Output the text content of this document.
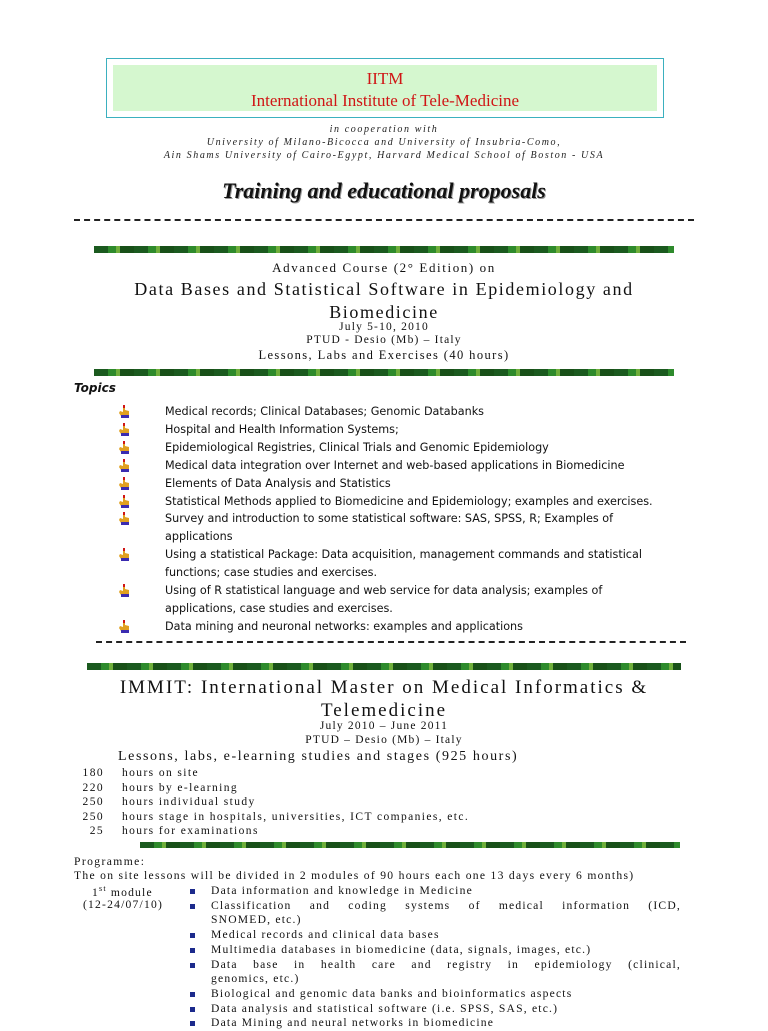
IITM
International Institute of Tele-Medicine
in cooperation with
University of Milano-Bicocca and University of Insubria-Como,
Ain Shams University of Cairo-Egypt, Harvard Medical School of Boston - USA
Training and educational proposals
Advanced Course (2° Edition) on
Data Bases and Statistical Software in Epidemiology and
Biomedicine
July 5-10, 2010
PTUD - Desio (Mb) – Italy
Lessons, Labs and Exercises (40 hours)
Topics
Medical records; Clinical Databases; Genomic Databanks
Hospital and Health Information Systems;
Epidemiological Registries, Clinical Trials and Genomic Epidemiology
Medical data integration over Internet and web-based applications in Biomedicine
Elements of Data Analysis and Statistics
Statistical Methods applied to Biomedicine and Epidemiology; examples and exercises.
Survey and introduction to some statistical software: SAS, SPSS, R; Examples of
applications
Using a statistical Package: Data acquisition, management commands and statistical
functions; case studies and exercises.
Using of R statistical language and web service for data analysis; examples of
applications, case studies and exercises.
Data mining and neuronal networks: examples and applications
IMMIT: International Master on Medical Informatics &
Telemedicine
July 2010 – June 2011
PTUD – Desio (Mb) – Italy
Lessons, labs, e-learning studies and stages (925 hours)
180 hours on site
220 hours by e-learning
250 hours individual study
250 hours stage in hospitals, universities, ICT companies, etc.
25 hours for examinations
Programme:
The on site lessons will be divided in 2 modules of 90 hours each one 13 days every 6 months)
1st module
(12-24/07/10)
Data information and knowledge in Medicine
Classification and coding systems of medical information (ICD,
SNOMED, etc.)
Medical records and clinical data bases
Multimedia databases in biomedicine (data, signals, images, etc.)
Data base in health care and registry in epidemiology (clinical,
genomics, etc.)
Biological and genomic data banks and bioinformatics aspects
Data analysis and statistical software (i.e. SPSS, SAS, etc.)
Data Mining and neural networks in biomedicine
